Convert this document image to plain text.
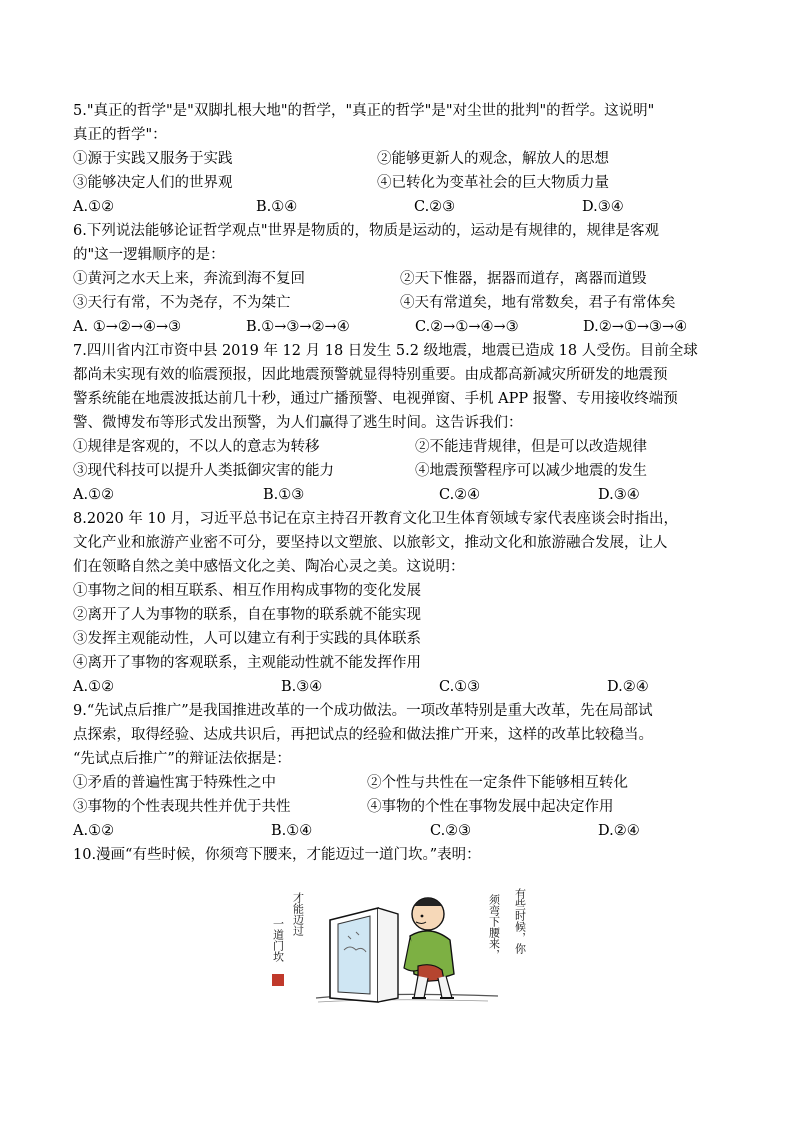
5."真正的哲学"是"双脚扎根大地"的哲学，"真正的哲学"是"对尘世的批判"的哲学。这说明"
真正的哲学"：
①源于实践又服务于实践	②能够更新人的观念，解放人的思想
③能够决定人们的世界观	④已转化为变革社会的巨大物质力量
A.①②	B.①④	C.②③	D.③④
6.下列说法能够论证哲学观点"世界是物质的，物质是运动的，运动是有规律的，规律是客观
的"这一逻辑顺序的是：
①黄河之水天上来，奔流到海不复回	②天下惟器，据器而道存，离器而道毁
③天行有常，不为尧存，不为桀亡	④天有常道矣，地有常数矣，君子有常体矣
A. ①→②→④→③	B.①→③→②→④	C.②→①→④→③	D.②→①→③→④
7.四川省内江市资中县 2019 年 12 月 18 日发生 5.2 级地震，地震已造成 18 人受伤。目前全球
都尚未实现有效的临震预报，因此地震预警就显得特别重要。由成都高新减灾所研发的地震预
警系统能在地震波抵达前几十秒，通过广播预警、电视弹窗、手机 APP 报警、专用接收终端预
警、微博发布等形式发出预警，为人们赢得了逃生时间。这告诉我们：
①规律是客观的，不以人的意志为转移	②不能违背规律，但是可以改造规律
③现代科技可以提升人类抵御灾害的能力	④地震预警程序可以减少地震的发生
A.①②	B.①③	C.②④	D.③④
8.2020 年 10 月，习近平总书记在京主持召开教育文化卫生体育领域专家代表座谈会时指出，
文化产业和旅游产业密不可分，要坚持以文塑旅、以旅彰文，推动文化和旅游融合发展，让人
们在领略自然之美中感悟文化之美、陶冶心灵之美。这说明：
①事物之间的相互联系、相互作用构成事物的变化发展
②离开了人为事物的联系，自在事物的联系就不能实现
③发挥主观能动性，人可以建立有利于实践的具体联系
④离开了事物的客观联系，主观能动性就不能发挥作用
A.①②	B.③④	C.①③	D.②④
9.“先试点后推广”是我国推进改革的一个成功做法。一项改革特别是重大改革，先在局部试
点探索，取得经验、达成共识后，再把试点的经验和做法推广开来，这样的改革比较稳当。
“先试点后推广”的辩证法依据是：
①矛盾的普遍性寓于特殊性之中	②个性与共性在一定条件下能够相互转化
③事物的个性表现共性并优于共性	④事物的个性在事物发展中起决定作用
A.①②	B.①④	C.②③	D.②④
10.漫画“有些时候，你须弯下腰来，才能迈过一道门坎。”表明：
才能迈过
一道门坎	有些时候，你
须弯下腰来，
